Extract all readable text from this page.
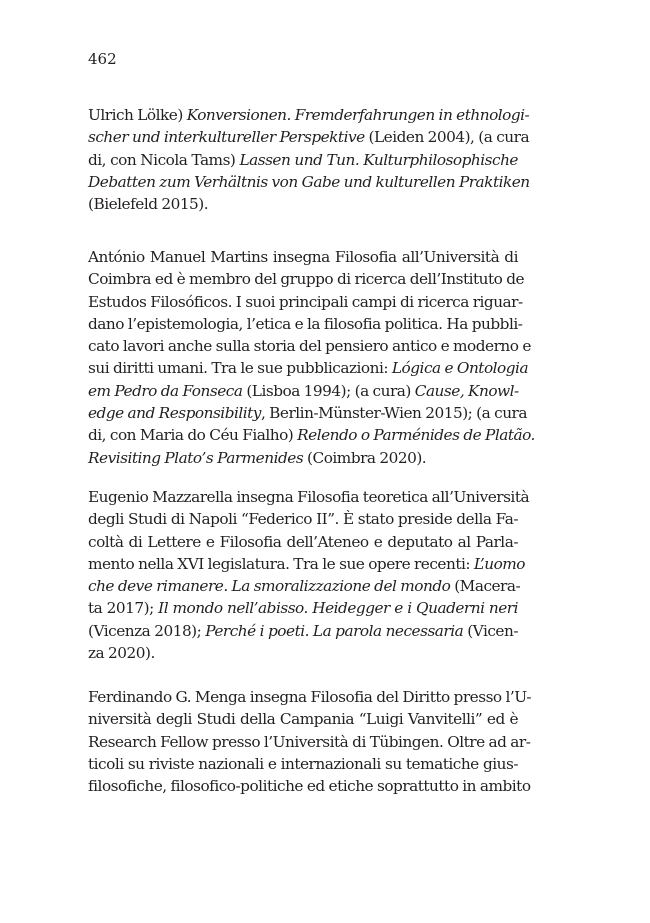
462

Ulrich Lölke) Konversionen. Fremderfahrungen in ethnologi-
scher und interkultureller Perspektive (Leiden 2004), (a cura
di, con Nicola Tams) Lassen und Tun. Kulturphilosophische
Debatten zum Verhältnis von Gabe und kulturellen Praktiken
(Bielefeld 2015).

António Manuel Martins insegna Filosofia all’Università di
Coimbra ed è membro del gruppo di ricerca dell’Instituto de
Estudos Filosóficos. I suoi principali campi di ricerca riguar-
dano l’epistemologia, l’etica e la filosofia politica. Ha pubbli-
cato lavori anche sulla storia del pensiero antico e moderno e
sui diritti umani. Tra le sue pubblicazioni: Lógica e Ontologia
em Pedro da Fonseca (Lisboa 1994); (a cura) Cause, Knowl-
edge and Responsibility, Berlin-Münster-Wien 2015); (a cura
di, con Maria do Céu Fialho) Relendo o Parménides de Platão.
Revisiting Plato’s Parmenides (Coimbra 2020).

Eugenio Mazzarella insegna Filosofia teoretica all’Università
degli Studi di Napoli “Federico II”. È stato preside della Fa-
coltà di Lettere e Filosofia dell’Ateneo e deputato al Parla-
mento nella XVI legislatura. Tra le sue opere recenti: L’uomo
che deve rimanere. La smoralizzazione del mondo (Macera-
ta 2017); Il mondo nell’abisso. Heidegger e i Quaderni neri
(Vicenza 2018); Perché i poeti. La parola necessaria (Vicen-
za 2020).

Ferdinando G. Menga insegna Filosofia del Diritto presso l’U-
niversità degli Studi della Campania “Luigi Vanvitelli” ed è
Research Fellow presso l’Università di Tübingen. Oltre ad ar-
ticoli su riviste nazionali e internazionali su tematiche gius-
filosofiche, filosofico-politiche ed etiche soprattutto in ambito
